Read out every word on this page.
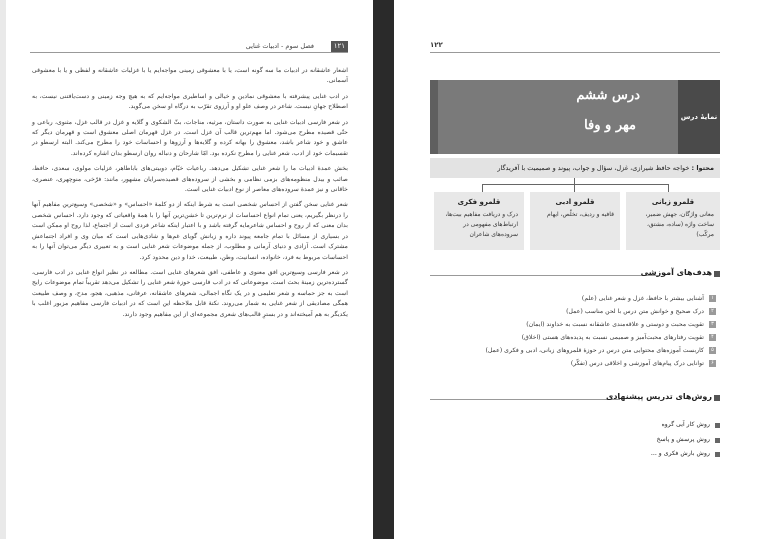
۱۲۱
فصل سوم - ادبیات غنایی

اشعار عاشقانه در ادبیات ما سه گونه است، یا با معشوقی زمینی مواجه‌ایم یا با غزلیات عاشقانه و لفظی و یا با معشوقی آسمانی.

در ادب غنایی پیشرفته با معشوقی نمادین و خیالی و اساطیری مواجه‌ایم که به هیچ وجه زمینی و دست‌یافتنی نیست، به اصطلاح جهانِ نیست. شاعر در وصف علو او و آرزوی تقرّب به درگاه او سخن می‌گوید.

در شعر فارسی ادبیات غنایی به صورت داستان، مرثیه، مناجات، بثّ الشکوی و گلایه و غزل در قالب غزل، مثنوی، رباعی و حتّی قصیده مطرح می‌شود. اما مهم‌ترین قالب آن غزل است. در غزل قهرمان اصلی معشوق است و قهرمان دیگر که عاشق و خود شاعر باشد، معشوق را بهانه کرده و گلایه‌ها و آرزوها و احساسات خود را مطرح می‌کند. البته ارسطو در تقسیمات خود از ادب، شعر غنایی را مطرح نکرده بود. امّا شارحان و دنباله روان ارسطو بدان اشاره کرده‌اند.

بخش عمدهٔ ادبیات ما را شعر غنایی تشکیل می‌دهد. رباعیات خیّام، دوبیتی‌های باباطاهر، غزلیات مولوی، سعدی، حافظ، صائب و بیدل منظومه‌های بزمی نظامی و بخشی از سروده‌های قصیده‌سرایان مشهور، مانند: فرّخی، منوچهری، عنصری، خاقانی و نیز عمدهٔ سروده‌های معاصر از نوع ادبیات غنایی است.

شعر غنایی سخن گفتن از احساس شخصی است به شرط اینکه از دو کلمهٔ «احساس» و «شخصی» وسیع‌ترین مفاهیم آنها را درنظر بگیریم، یعنی تمام انواع احساسات از نرم‌ترین تا خشن‌ترین آنها را با همهٔ واقعیاتی که وجود دارد. احساس شخصی بدان معنی که از روح و احساس شاعرمایه گرفته باشد و با اعتبار اینکه شاعر فردی است از اجتماع، لذا روح او ممکن است در بسیاری از مسائل با تمام جامعه پیوند داره و زبانش گویای غم‌ها و شادی‌هایی است که میان وی و افراد اجتماعش مشترک است. آزادی و دنیای آرمانی و مطلوب، از جمله موضوعات شعر غنایی است و به تعبیری دیگر می‌توان آنها را به احساسات مربوط به فرد، خانواده، انسانیت، وطن، طبیعت، خدا و دین محدود کرد.

در شعر فارسی وسیع‌ترین افق معنوی و عاطفی، افق شعرهای غنایی است. مطالعه در نظیر انواع غنایی در ادب فارسی، گسترده‌ترین زمینهٔ بحث است. موضوعاتی که در ادب فارسی حوزهٔ شعر غنایی را تشکیل می‌دهد تقریباً تمام موضوعات رایج است به جز حماسه و شعر تعلیمی و در یک نگاه اجمالی، شعرهای عاشقانه، عرفانی، مذهبی، هجو، مدح، و وصف طبیعت همگی مصادیقی از شعر غنایی به شمار می‌روند. نکتهٔ قابل ملاحظه این است که در ادبیات فارسی مفاهیم مزبور اغلب با یکدیگر به هم آمیخته‌اند و در بسترِ قالب‌های شعری مجموعه‌ای از این مفاهیم وجود دارند.

۱۲۲
درس ششم
مهر و وفا
نمایهٔ درس
محتوا : خواجه حافظ شیرازی، غزل، سؤال و جواب، پیوند و صمیمیت با آفریدگار
قلمرو زبانی
معانی واژگان، جهش ضمیر، ساخت واژه (ساده، مشتق، مرکّب)
قلمرو ادبی
قافیه و ردیف، تخلّص، ایهام
قلمرو فکری
درک و دریافت مفاهیم بیت‌ها، ارتباط‌های مفهومی در سروده‌های شاعران
هدف‌های آموزشی
۱
آشنایی بیشتر با حافظ، غزل و شعر غنایی (علم)
۲
درک صحیح و خوانش متن درس با لحن مناسب (عمل)
۳
تقویت محبت و دوستی و علاقه‌مندی عاشقانه نسبت به خداوند (ایمان)
۴
تقویت رفتارهای محبت‌آمیز و صمیمی نسبت به پدیده‌های هستی (اخلاق)
۵
کاربست آموزه‌های محتوایی متن درس در حوزهٔ قلمروهای زبانی، ادبی و فکری (عمل)
۶
توانایی درک پیام‌های آموزشی و اخلاقی درس (تفکّر)
روش‌های تدریس پیشنهادی
روش کار آیی گروه
روش پرسش و پاسخ
روش بارش فکری و ...
